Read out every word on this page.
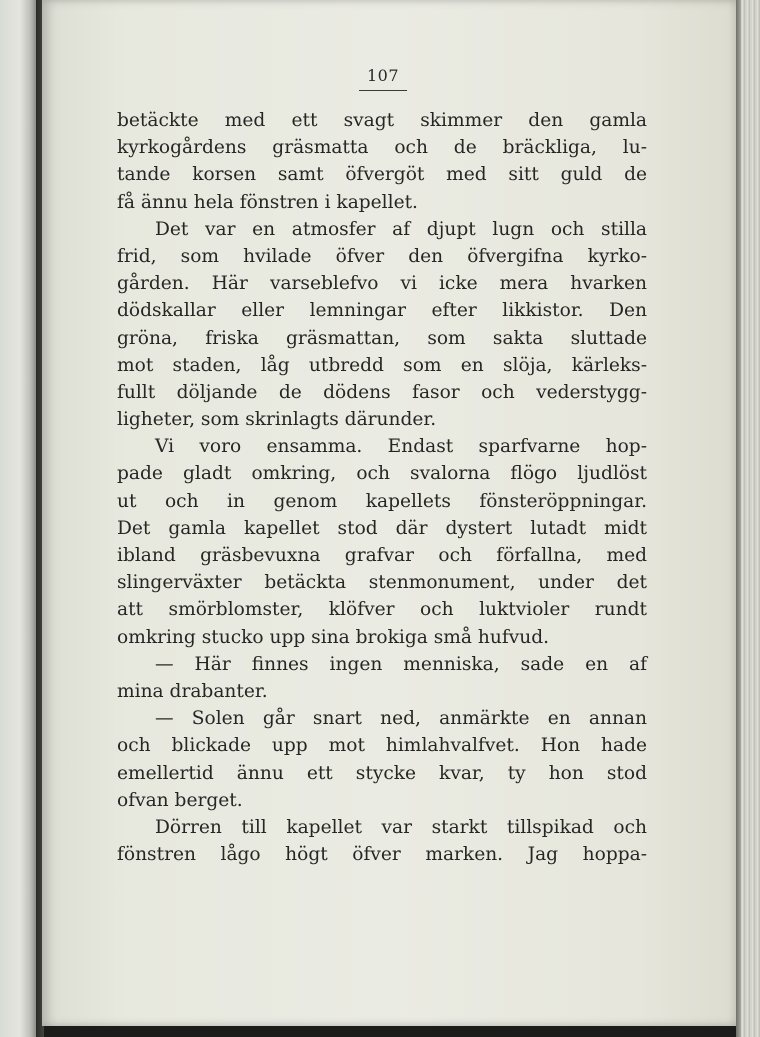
107
betäckte med ett svagt skimmer den gamla
kyrkogårdens gräsmatta och de bräckliga, lu-
tande korsen samt öfvergöt med sitt guld de
få ännu hela fönstren i kapellet.
Det var en atmosfer af djupt lugn och stilla
frid, som hvilade öfver den öfvergifna kyrko-
gården. Här varseblefvo vi icke mera hvarken
dödskallar eller lemningar efter likkistor. Den
gröna, friska gräsmattan, som sakta sluttade
mot staden, låg utbredd som en slöja, kärleks-
fullt döljande de dödens fasor och vederstygg-
ligheter, som skrinlagts därunder.
Vi voro ensamma. Endast sparfvarne hop-
pade gladt omkring, och svalorna flögo ljudlöst
ut och in genom kapellets fönsteröppningar.
Det gamla kapellet stod där dystert lutadt midt
ibland gräsbevuxna grafvar och förfallna, med
slingerväxter betäckta stenmonument, under det
att smörblomster, klöfver och luktvioler rundt
omkring stucko upp sina brokiga små hufvud.
— Här finnes ingen menniska, sade en af
mina drabanter.
— Solen går snart ned, anmärkte en annan
och blickade upp mot himlahvalfvet. Hon hade
emellertid ännu ett stycke kvar, ty hon stod
ofvan berget.
Dörren till kapellet var starkt tillspikad och
fönstren lågo högt öfver marken. Jag hoppa-
